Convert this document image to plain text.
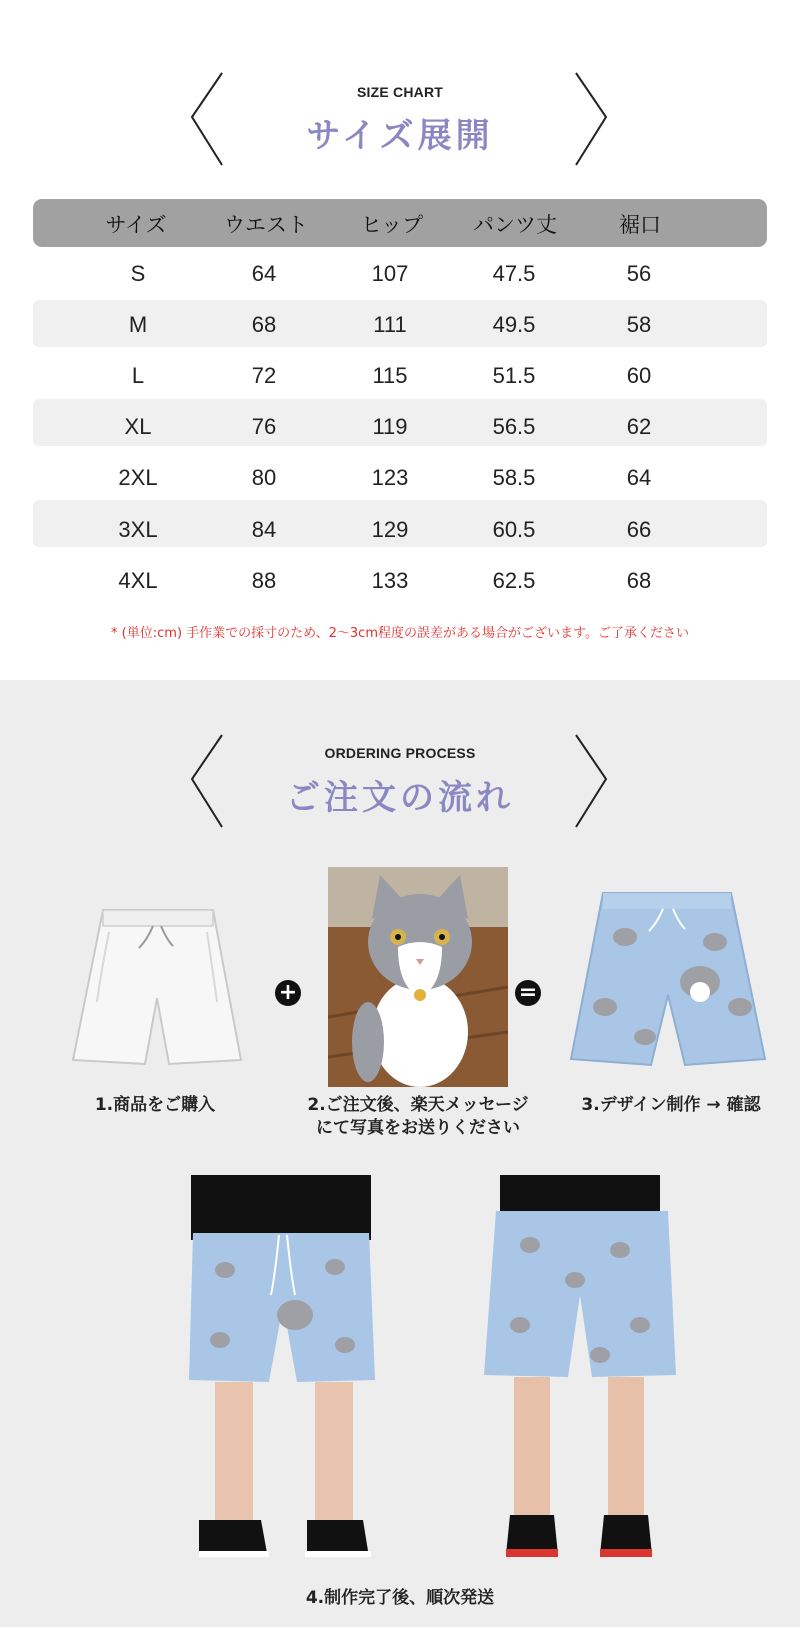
SIZE CHART
サイズ展開
サイズ	ウエスト	ヒップ	パンツ丈	裾口
S	64	107	47.5	56
M	68	111	49.5	58
L	72	115	51.5	60
XL	76	119	56.5	62
2XL	80	123	58.5	64
3XL	84	129	60.5	66
4XL	88	133	62.5	68
* (単位:cm) 手作業での採寸のため、2～3cm程度の誤差がある場合がございます。ご了承ください
ORDERING PROCESS
ご注文の流れ
+	=
1.商品をご購入	2.ご注文後、楽天メッセージ
にて写真をお送りください
3.デザイン制作 → 確認
4.制作完了後、順次発送
